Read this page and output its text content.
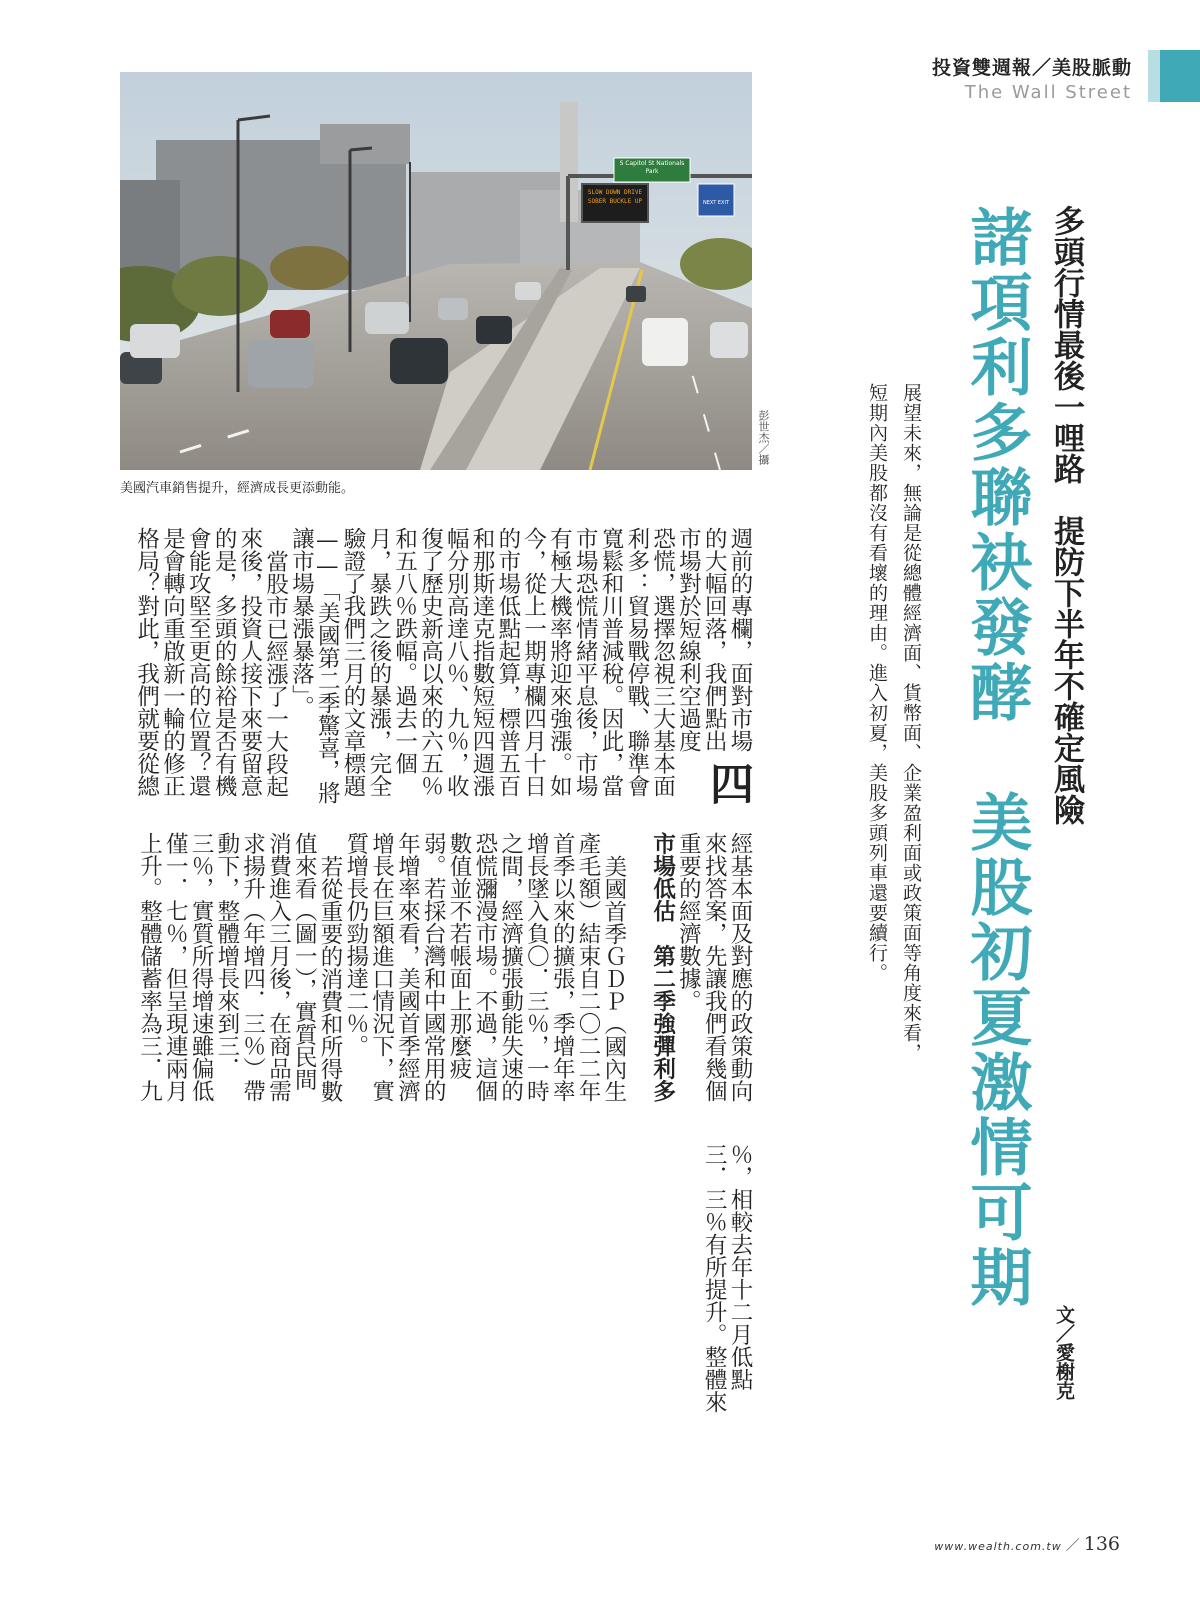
投資雙週報／美股脈動
The Wall Street
S Capitol St Nationals Park
SLOW DOWN DRIVE SOBER BUCKLE UP	NEXT EXIT
彭世杰／攝
美國汽車銷售提升，經濟成長更添動能。	諸項利多聯袂發酵　美股初夏激情可期 多頭行情最後一哩路　提防下半年不確定風險
文／愛榭克
展望未來，無論是從總體經濟面、貨幣面、企業盈利面或政策面等角度來看，短期內美股都沒有看壞的理由。進入初夏，美股多頭列車還要續行。

四
週前的專欄，面對市場的大幅回落，我們點出市場對於短線利空過度恐慌，選擇忽視三大基本面利多：貿易戰停戰、聯準會寬鬆和川普減稅。因此，當市場恐慌情緒平息後，市場有極大機率將迎來強漲。如今，從上一期專欄四月十日的市場低點起算，標普五百和那斯達克指數短短四週漲幅分別高達八％、九％，收復了歷史新高以來的六五％和五八％跌幅。過去一個月，暴跌之後的暴漲，完全驗證了我們三月的文章標題——「美國第二季驚喜，將讓市場暴漲暴落」。

當股市已經漲了一大段起來後，投資人接下來要留意的是，多頭的餘裕是否有機會能攻堅至更高的位置？還是會轉向重啟新一輪的修正格局？對此，我們就要從總

經基本面及對應的政策動向來找答案，先讓我們看幾個重要的經濟數據。

市場低估　第二季強彈利多

美國首季ＧＤＰ（國內生產毛額）結束自二〇二二年首季以來的擴張，季增年率增長墜入負〇．三％，一時之間，經濟擴張動能失速的恐慌瀰漫市場。不過，這個數值並不若帳面上那麼疲弱。若採台灣和中國常用的年增率來看，美國首季經濟增長在巨額進口情況下，實質增長仍勁揚達二％。

若從重要的消費和所得數值來看（圖一），實質民間消費進入三月後，在商品需求揚升（年增四．三％）帶動下，整體增長來到三．三％，實質所得增速雖偏低僅一．七％，但呈現連兩月上升。整體儲蓄率為三．九

％，相較去年十二月低點三．三％有所提升。整體來

www.wealth.com.tw ／ 136
